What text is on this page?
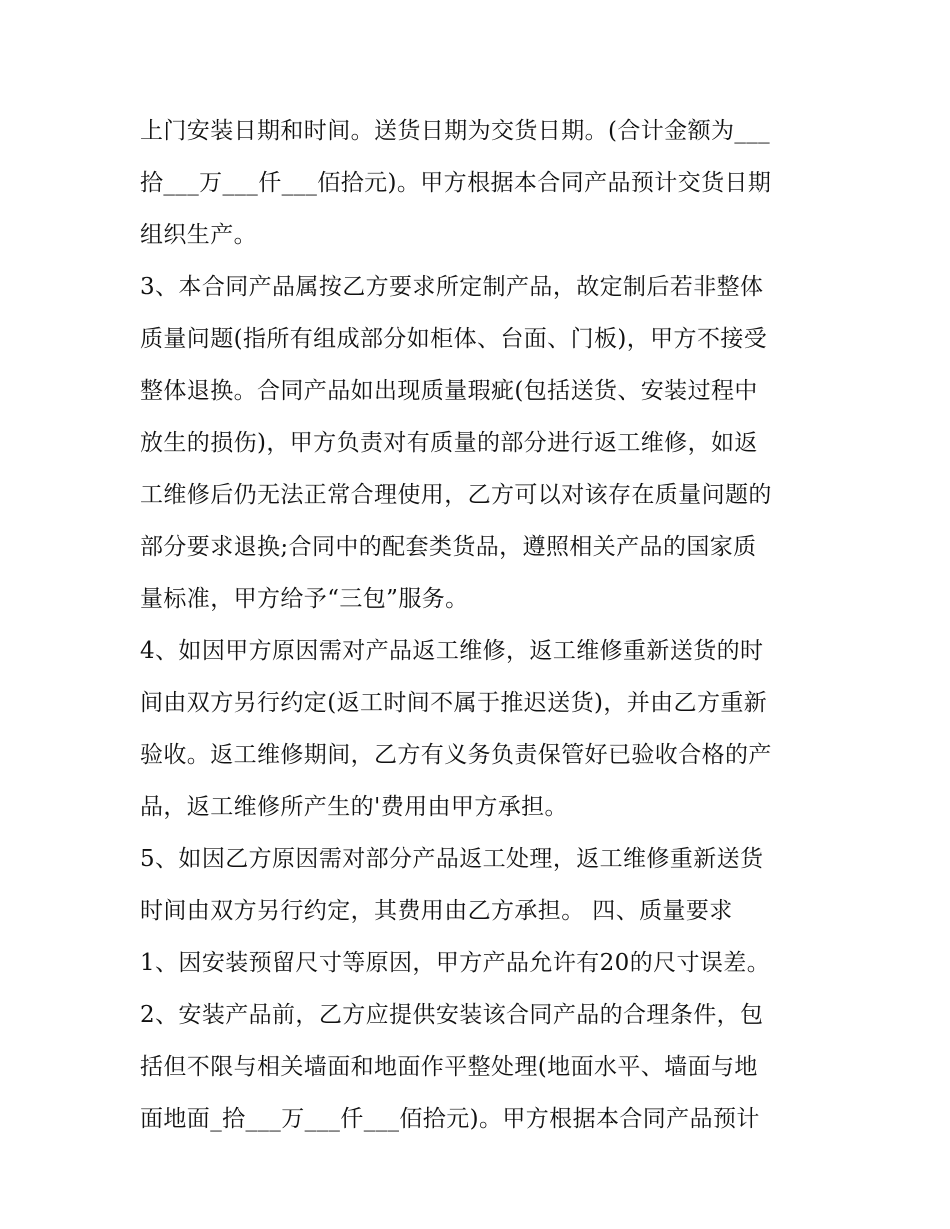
上门安装日期和时间。送货日期为交货日期。(合计金额为___
拾___万___仟___佰拾元)。甲方根据本合同产品预计交货日期
组织生产。
3、本合同产品属按乙方要求所定制产品，故定制后若非整体
质量问题(指所有组成部分如柜体、台面、门板)，甲方不接受
整体退换。合同产品如出现质量瑕疵(包括送货、安装过程中
放生的损伤)，甲方负责对有质量的部分进行返工维修，如返
工维修后仍无法正常合理使用，乙方可以对该存在质量问题的
部分要求退换;合同中的配套类货品，遵照相关产品的国家质
量标准，甲方给予“三包”服务。
4、如因甲方原因需对产品返工维修，返工维修重新送货的时
间由双方另行约定(返工时间不属于推迟送货)，并由乙方重新
验收。返工维修期间，乙方有义务负责保管好已验收合格的产
品，返工维修所产生的'费用由甲方承担。
5、如因乙方原因需对部分产品返工处理，返工维修重新送货
时间由双方另行约定，其费用由乙方承担。 四、质量要求
1、因安装预留尺寸等原因，甲方产品允许有20的尺寸误差。
2、安装产品前，乙方应提供安装该合同产品的合理条件，包
括但不限与相关墙面和地面作平整处理(地面水平、墙面与地
面地面_拾___万___仟___佰拾元)。甲方根据本合同产品预计
